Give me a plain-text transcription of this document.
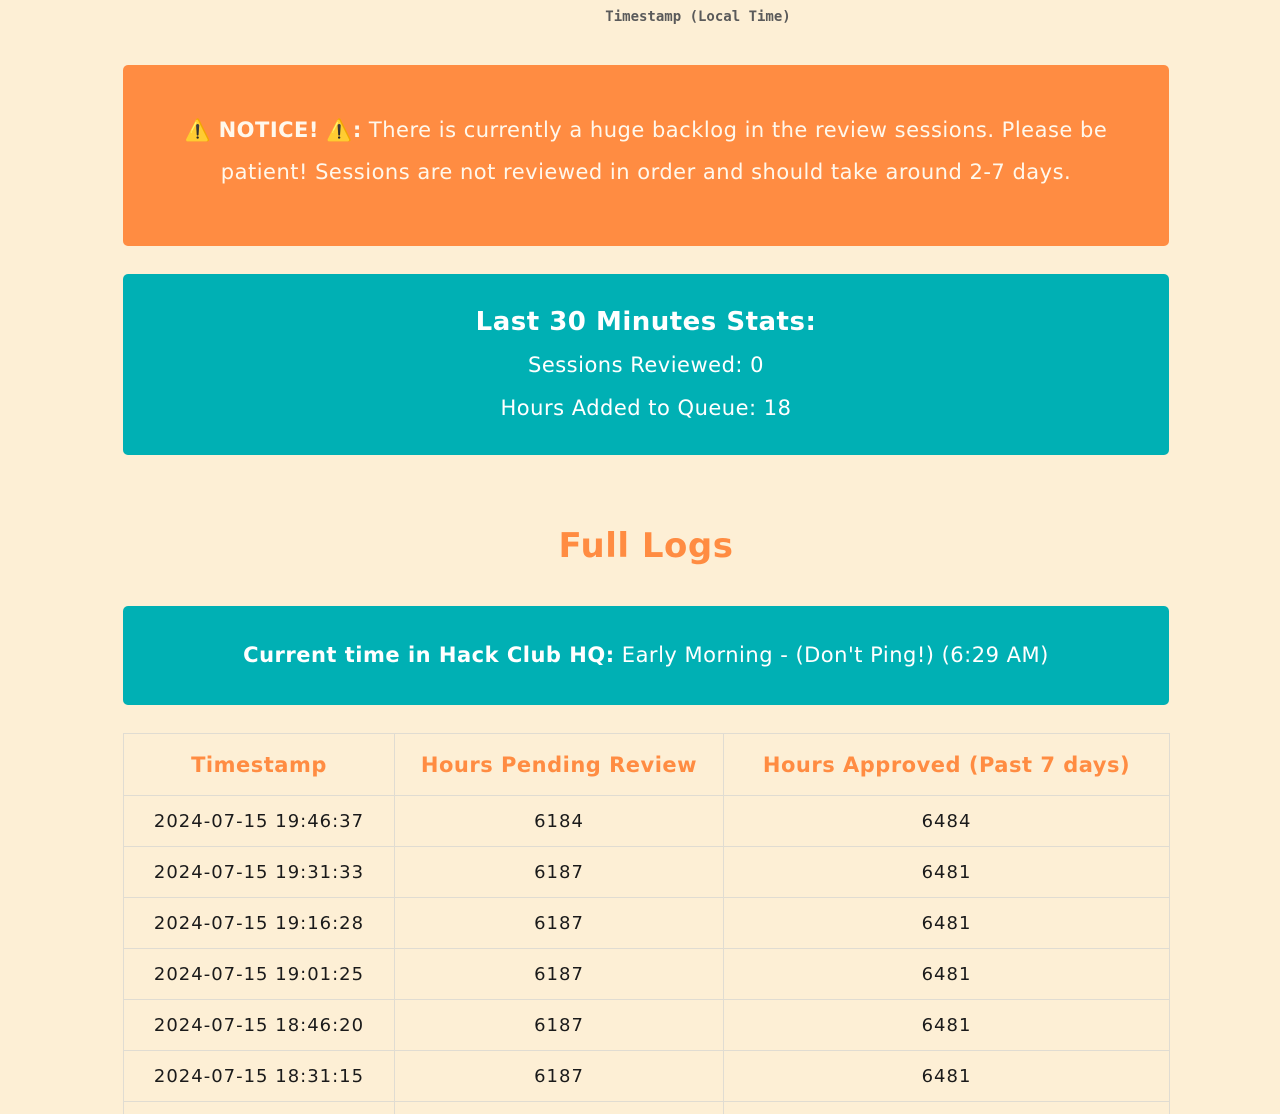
Timestamp (Local Time)
⚠️ NOTICE! ⚠️: There is currently a huge backlog in the review sessions. Please be patient! Sessions are not reviewed in order and should take around 2-7 days.
Last 30 Minutes Stats:

Sessions Reviewed: 0

Hours Added to Queue: 18

Full Logs
Current time in Hack Club HQ: Early Morning - (Don't Ping!) (6:29 AM)
Timestamp	Hours Pending Review	Hours Approved (Past 7 days)
2024-07-15 19:46:37	6184	6484
2024-07-15 19:31:33	6187	6481
2024-07-15 19:16:28	6187	6481
2024-07-15 19:01:25	6187	6481
2024-07-15 18:46:20	6187	6481
2024-07-15 18:31:15	6187	6481
